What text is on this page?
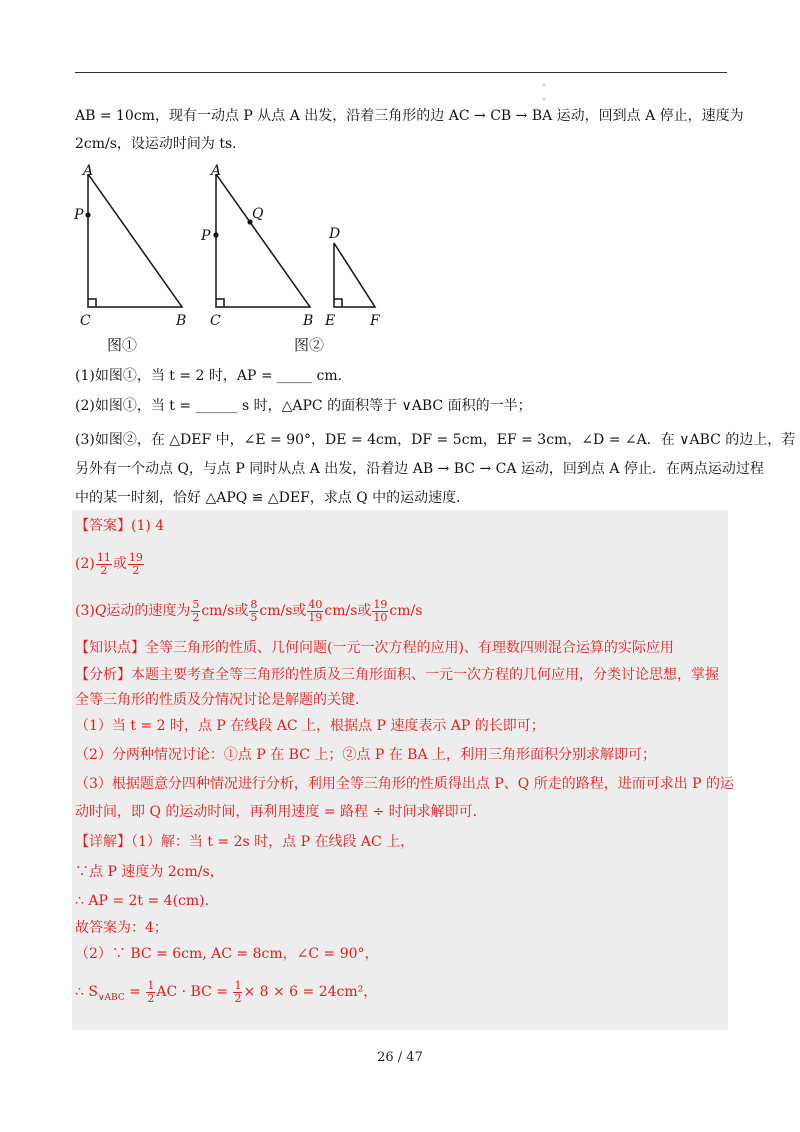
AB = 10cm，现有一动点 P 从点 A 出发，沿着三角形的边 AC → CB → BA 运动，回到点 A 停止，速度为
2cm/s，设运动时间为 ts．
A
P
C	B
A
P
Q
C	B
D
E F
图①	图②
(1)如图①，当 t = 2 时，AP = _____ cm．
(2)如图①，当 t = ______ s 时，△APC 的面积等于 ∨ABC 面积的一半；
(3)如图②，在 △DEF 中，∠E = 90°，DE = 4cm，DF = 5cm，EF = 3cm，∠D = ∠A．在 ∨ABC 的边上，若
另外有一个动点 Q，与点 P 同时从点 A 出发，沿着边 AB → BC → CA 运动，回到点 A 停止．在两点运动过程
中的某一时刻，恰好 △APQ ≌ △DEF，求点 Q 中的运动速度．
【答案】(1) 4
$(2) \frac{11}{2}$ 或 $\frac{19}{2}$
(3)Q运动的速度为 $\frac{5}{2} cm/s$或 $\frac{8}{5} cm/s$或 $\frac{40}{19} cm/s$或 $\frac{19}{10} cm/s$
【知识点】全等三角形的性质、几何问题(一元一次方程的应用)、有理数四则混合运算的实际应用
【分析】本题主要考查全等三角形的性质及三角形面积、一元一次方程的几何应用，分类讨论思想，掌握
全等三角形的性质及分情况讨论是解题的关键．
（1）当 t = 2 时，点 P 在线段 AC 上，根据点 P 速度表示 AP 的长即可；
（2）分两种情况讨论：①点 P 在 BC 上；②点 P 在 BA 上，利用三角形面积分别求解即可；
（3）根据题意分四种情况进行分析，利用全等三角形的性质得出点 P、Q 所走的路程，进而可求出 P 的运
动时间，即 Q 的运动时间，再利用速度 = 路程 ÷ 时间求解即可．
【详解】（1）解：当 t = 2s 时，点 P 在线段 AC 上，
∵点 P 速度为 2cm/s，
∴ AP = 2t = 4(cm)．
故答案为：4；
（2）∵ BC = 6cm, AC = 8cm，∠C = 90°，
∴ $S_{\vee ABC} = \frac{1}{2}$ AC · BC = $\frac{1}{2} \times 8 \times 6 = 24cm^2$，
26 / 47
